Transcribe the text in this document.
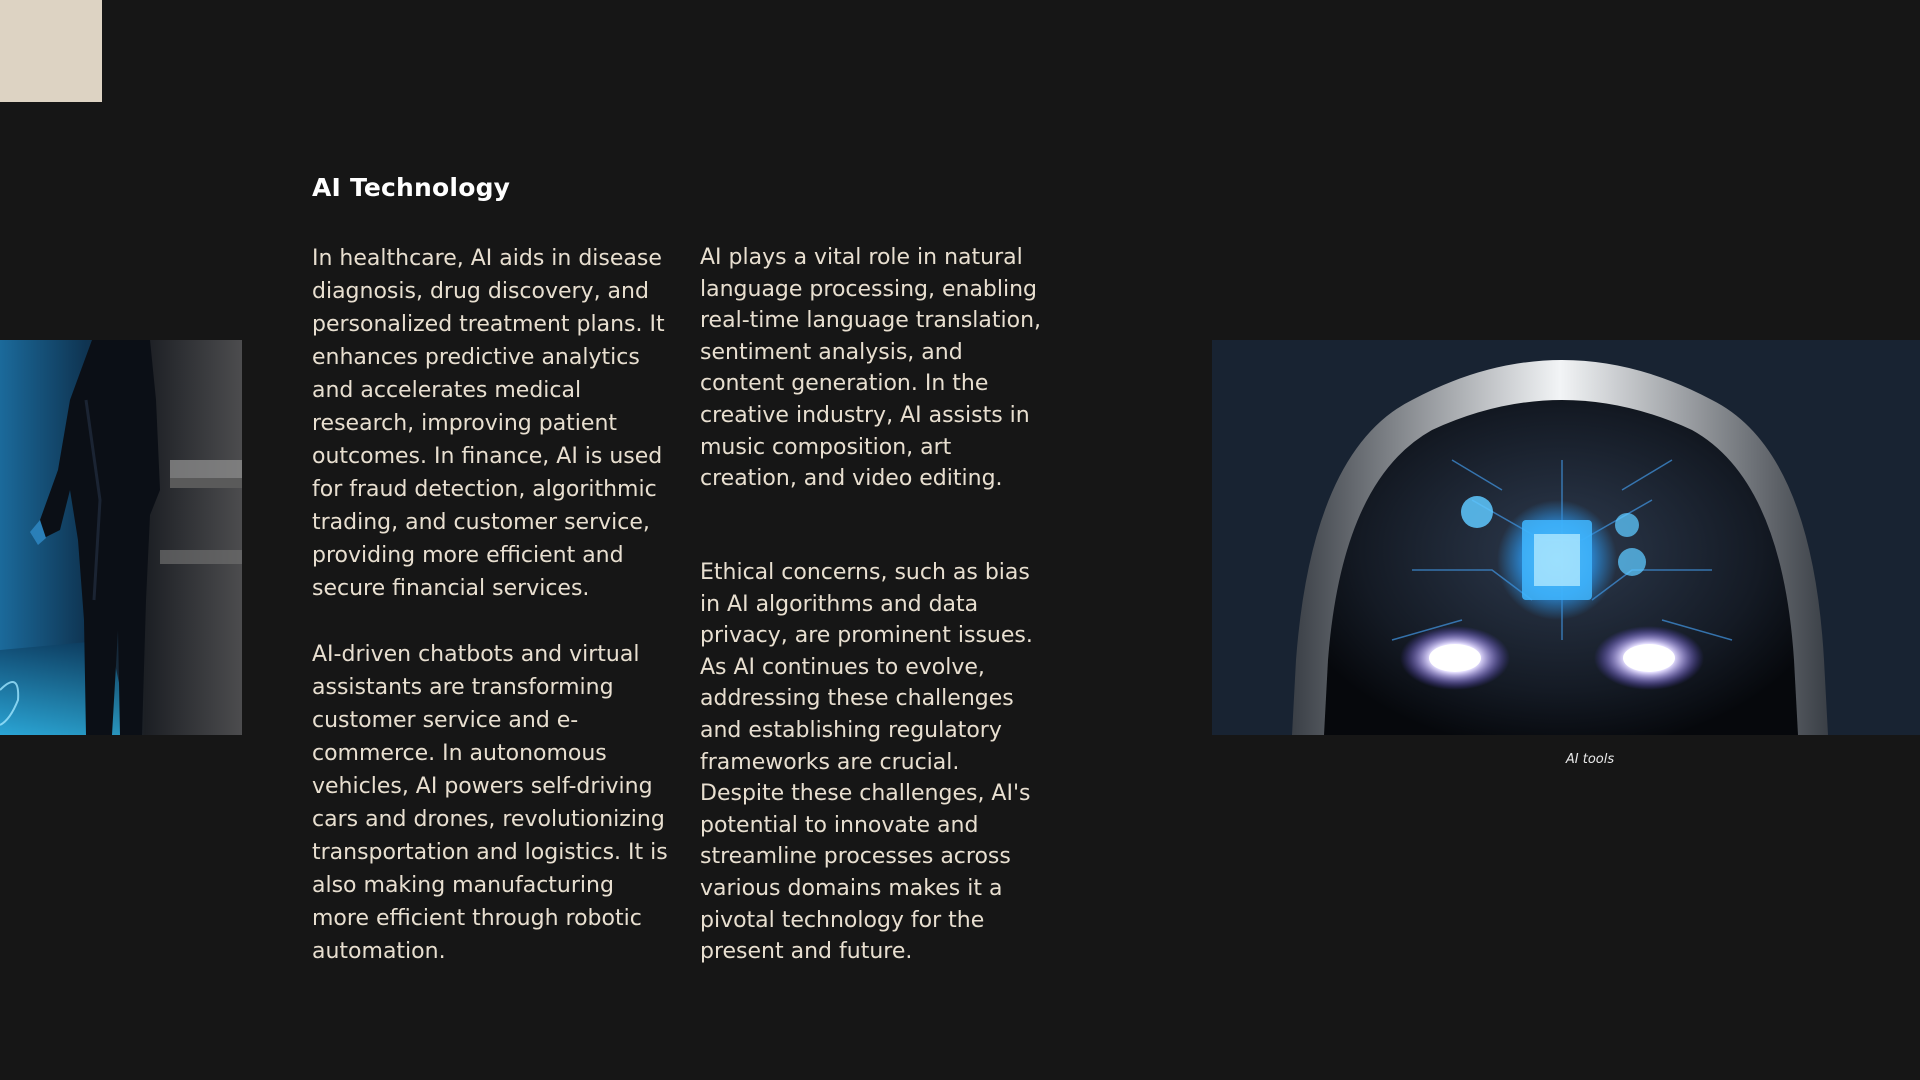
AI Technology

In healthcare, AI aids in disease diagnosis, drug discovery, and personalized treatment plans. It enhances predictive analytics and accelerates medical research, improving patient outcomes. In finance, AI is used for fraud detection, algorithmic trading, and customer service, providing more efficient and secure financial services.

AI-driven chatbots and virtual assistants are transforming customer service and e-commerce. In autonomous vehicles, AI powers self-driving cars and drones, revolutionizing transportation and logistics. It is also making manufacturing more efficient through robotic automation.

AI plays a vital role in natural language processing, enabling real-time language translation, sentiment analysis, and content generation. In the creative industry, AI assists in music composition, art creation, and video editing.

Ethical concerns, such as bias in AI algorithms and data privacy, are prominent issues. As AI continues to evolve, addressing these challenges and establishing regulatory frameworks are crucial. Despite these challenges, AI's potential to innovate and streamline processes across various domains makes it a pivotal technology for the present and future.

AI tools
